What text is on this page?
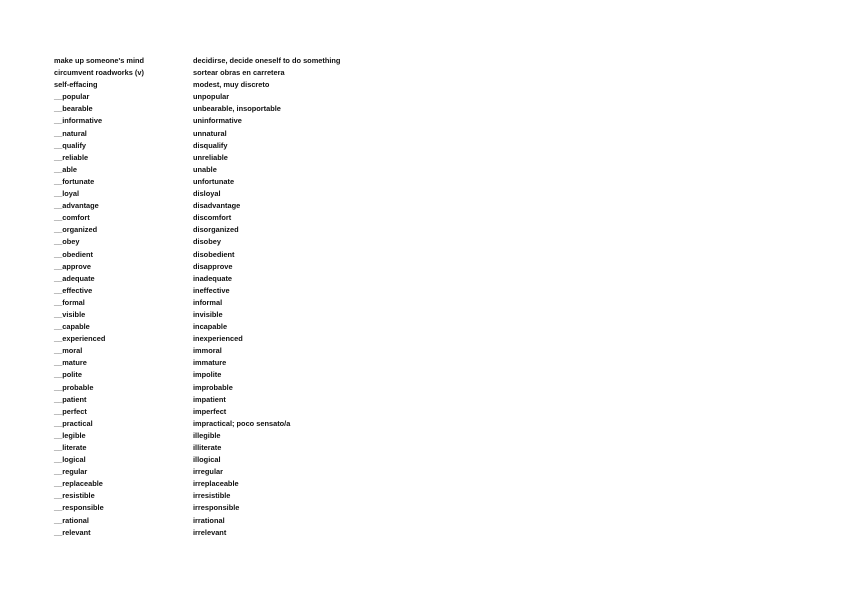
make up someone's mind	decidirse, decide oneself to do something
circumvent roadworks (v)	sortear obras en carretera
self-effacing	modest, muy discreto
__popular	unpopular
__bearable	unbearable, insoportable
__informative	uninformative
__natural	unnatural
__qualify	disqualify
__reliable	unreliable
__able	unable
__fortunate	unfortunate
__loyal	disloyal
__advantage	disadvantage
__comfort	discomfort
__organized	disorganized
__obey	disobey
__obedient	disobedient
__approve	disapprove
__adequate	inadequate
__effective	ineffective
__formal	informal
__visible	invisible
__capable	incapable
__experienced	inexperienced
__moral	immoral
__mature	immature
__polite	impolite
__probable	improbable
__patient	impatient
__perfect	imperfect
__practical	impractical; poco sensato/a
__legible	illegible
__literate	illiterate
__logical	illogical
__regular	irregular
__replaceable	irreplaceable
__resistible	irresistible
__responsible	irresponsible
__rational	irrational
__relevant	irrelevant
